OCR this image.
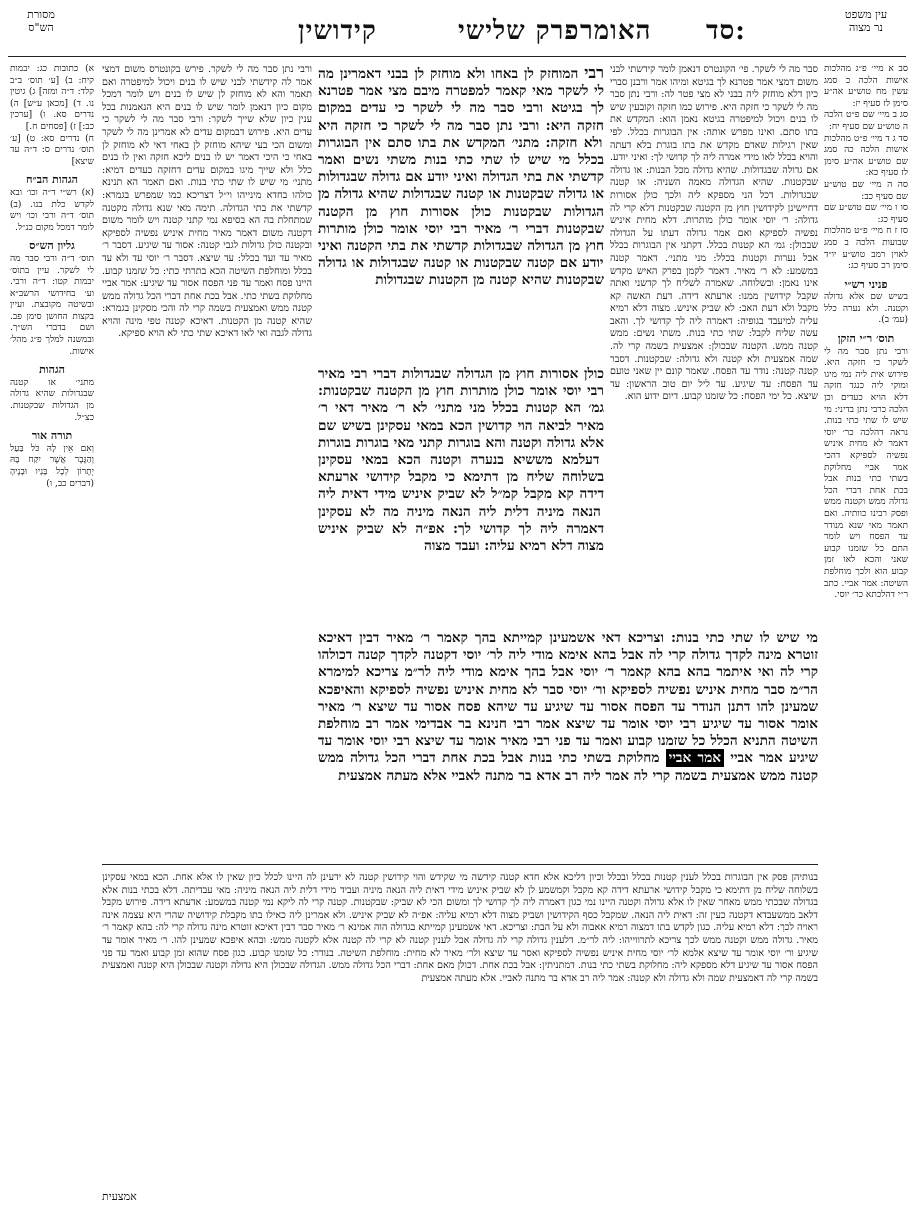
מסורת
הש"ס
עין משפט
נר מצוה
קידושין	פרק שלישי האומר סד:

א) כתובות כג: יבמות קיח: ב) [ע׳ תוס׳ ב״ב קלד: ד״ה ומזה] ג) גיטין נו. ד) [מכאן ע״ש] ה) נדרים סא. ו) [ערכין כב:] ז) [פסחים ח.]

ח) נדרים סא: ט) [ע׳ תוס׳ נדרים ס: ד״ה עד שיצא]

הגהות הב״ח

(א) רש״י ד״ה וכו׳ ובא לקדש כלת בנו. (ב) תוס׳ ד״ה ורבי וכו׳ ויש לומר דמכל מקום כנ״ל.

גליון הש״ס

תוס׳ ד״ה ורבי סבר מה לי לשקר. עיין בתוס׳ יבמות קטו: ד״ה ורבי. וע׳ בחידושי הרשב״א ובשיטה מקובצת. ועיין בקצות החושן סימן פב. ושם בדברי הש״ך. ובמשנה למלך פ״ג מהל׳ אישות.

הגהות

מתני׳ או קטנה שבגדולות שהיא גדולה מן הגדולות שבקטנות. כצ״ל.

תורה אור

וְאִם אֵין לָהּ כֹּל בַּעַל וְהַגֶּבֶר אֲשֶׁר יִקַּח בָּהּ יְתָרוֹן לְכָל בָּנָיו וּבָנֶיהָ (דברים כב, ו)

ורבי נתן סבר מה לי לשקר. פירש בקונטרס משום דמצי אמר לה קידשתי לבני שיש לו בנים ויכול למיפטרה ואם תאמר והא לא מוחזק לן שיש לו בנים ויש לומר דמכל מקום כיון דנאמן לומר שיש לו בנים היא הנאמנות בכל ענין כיון שלא שייך לשקר: ורבי סבר מה לי לשקר כי עדים היא. פירוש דבמקום עדים לא אמרינן מה לי לשקר ומשום הכי בעי שיהא מוחזק לן באחי דאי לא מוחזק לן באחי כי היכי דאמר יש לו בנים ליכא חזקה ואין לו בנים כלל ולא שייך מיגו במקום עדים דחזקה כעדים דמיא: מתני׳ מי שיש לו שתי כתי בנות. ואם תאמר הא תנינא כולהו בחדא מינייהו וי״ל דצריכא כמו שמפרש בגמרא: קדשתי את בתי הגדולה. תימה מאי שנא גדולה מקטנה שמתחלת בה הא בסיפא נמי קתני קטנה ויש לומר משום דקטנה משום דאמר מאיר מחית איניש נפשיה לספיקא ובקטנה כולן גדולות לגבי קטנה: אסור עד שיגיע. דסבר ר׳ מאיר עד ועד בכלל: עד שיצא. דסבר ר׳ יוסי עד ולא עד בכלל ומוחלפת השיטה הכא בתרתי כתי: כל שזמנו קבוע. היינו פסח ואמר עד פני הפסח אסור עד שיגיע: אמר אביי מחלוקת בשתי כתי. אבל בכת אחת דברי הכל גדולה ממש קטנה ממש ואמצעית בשמה קרי לה והכי מסקינן בגמרא: שהיא קטנה מן הקטנות. דאיכא קטנה טפי מינה והויא גדולה לגבה ואי לאו דאיכא שתי כתי לא הויא ספיקא.

רבי המוחזק לן באחו ולא מוחזק לן בבני דאמרינן מה לי לשקר מאי קאמר למפטרה מיבם מצי אמר פטרנא לך בגיטא ורבי סבר מה לי לשקר כי עדים במקום חזקה היא: ורבי נתן סבר מה לי לשקר כי חזקה היא ולא חזקה: מתני׳ המקדש את בתו סתם אין הבוגרות בכלל מי שיש לו שתי כתי בנות משתי נשים ואמר קדשתי את בתי הגדולה ואיני יודע אם גדולה שבגדולות או גדולה שבקטנות או קטנה שבגדולות שהיא גדולה מן הגדולות שבקטנות כולן אסורות חוץ מן הקטנה שבקטנות דברי ר׳ מאיר רבי יוסי אומר כולן מותרות חוץ מן הגדולה שבגדולות קדשתי את בתי הקטנה ואיני יודע אם קטנה שבקטנות או קטנה שבגדולות או גדולה שבקטנות שהיא קטנה מן הקטנות שבגדולות
כולן אסורות חוץ מן הגדולה שבגדולות דברי רבי מאיר רבי יוסי אומר כולן מותרות חוץ מן הקטנה שבקטנות: גמ׳ הא קטנות בכלל מני מתני׳ לא ר׳ מאיר דאי ר׳ מאיר לביאה הוי קדושין הכא במאי עסקינן בשיש שם אלא גדולה וקטנה והא בוגרות קתני מאי בוגרות בוגרות דעלמא מששיא בנערה וקטנה הכא במאי עסקינן בשלוחה שליח מן דתימא כי מקבל קידושי ארעתא דידה קא מקבל קמ״ל לא שביק איניש מידי דאית ליה הנאה מיניה דלית ליה הנאה מיניה מה לא עסקינן דאמרה ליה לך קדושי לך: אפ״ה לא שביק איניש מצוה דלא רמיא עליה: ועבד מצוה
מי שיש לו שתי כתי בנות: וצריכא דאי אשמעינן קמייתא בהך קאמר ר׳ מאיר דבין דאיכא זוטרא מינה לקדך גדולה קרי לה אבל בהא אימא מודי ליה לר׳ יוסי דקטנה לקדך קטנה דכולהו קרי לה ואי איתמר בהא בהא קאמר ר׳ יוסי אבל בהך אימא מודי ליה לר״מ צריכא למימרא הר״מ סבר מחית איניש נפשיה לספיקא ור׳ יוסי סבר לא מחית איניש נפשיה לספיקא והאיפכא שמעינן להו דתנן הנודר עד הפסח אסור עד שיגיע עד שיהא פסח אסור עד שיצא ר׳ מאיר אומר אסור עד שיגיע רבי יוסי אומר עד שיצא אמר רבי חנינא בר אבדימי אמר רב מוחלפת השיטה התניא הכלל כל שזמנו קבוע ואמר עד פני רבי מאיר אומר עד שיצא רבי יוסי אומר עד שיגיע אמר אביי אמר אביי מחלוקת בשתי כתי בנות אבל בכת אחת דברי הכל גדולה ממש קטנה ממש אמצעית בשמה קרי לה אמר ליה רב אדא בר מתנה לאביי אלא מעתה אמצעית

סבר מה לי לשקר. פי׳ הקונטרס דנאמן לומר קידשתי לבני משום דמצי אמר פטרנא לך בגיטא ומיהו אמר ורבנן סברי כיון דלא מוחזק ליה בבני לא מצי פטר לה: ורבי נתן סבר מה לי לשקר כי חזקה היא. פירוש כמו חזקה וקובעין שיש לו בנים ויכול למיפטרה בגיטא נאמן הוא: המקדש את בתו סתם. ואינו מפרש אותה: אין הבוגרות בכלל. לפי שאין רגילות שאדם מקדש את בתו בוגרת בלא דעתה והויא בכלל לאו מידי אמרה ליה לך קדושי לך: ואיני יודע. אם גדולה שבגדולות. שהיא גדולה מכל הבנות: או גדולה שבקטנות. שהיא הגדולה מאמה השניה: או קטנה שבגדולות. דכל הני מספקא ליה ולכך כולן אסורות דחיישינן לקידושין חוץ מן הקטנה שבקטנות דלא קרי לה גדולה: ר׳ יוסי אומר כולן מותרות. דלא מחית איניש נפשיה לספיקא ואם אמר גדולה דעתו על הגדולה שבכולן: גמ׳ הא קטנות בכלל. דקתני אין הבוגרות בכלל אבל נערות וקטנות בכלל: מני מתני׳. דאמר קטנה במשמע: לא ר׳ מאיר. דאמר לקמן בפרק האיש מקדש אינו נאמן: ובשלוחה. שאמרה לשליח לך קדשני ואתה שקבל קידושין ממנו: ארעתא דידה. דעת האשה קא מקבל ולא דעת האב: לא שביק איניש. מצוה דלא רמיא עליה למיעבד בגופיה: דאמרה ליה לך קדושי לך. והאב עשה שליח לקבל: שתי כתי בנות. משתי נשים: ממש קטנה ממש. הקטנה שבכולן: אמצעית בשמה קרי לה. שמה אמצעית ולא קטנה ולא גדולה: שבקטנות. דסבר קטנה קטנה: נודר עד הפסח. שאמר קונם יין שאני טועם עד הפסח: עד שיגיע. עד ליל יום טוב הראשון: עד שיצא. כל ימי הפסח: כל שזמנו קבוע. דיום ידוע הוא.

סב א מיי׳ פ״ג מהלכות אישות הלכה כ סמג עשין מח טוש״ע אה״ע סימן לז סעיף יז:

סג ב מיי׳ שם פ״ט הלכה ה טוש״ע שם סעיף יח:

סד ג ד מיי׳ פ״ט מהלכות אישות הלכה כה סמג שם טוש״ע אה״ע סימן לז סעיף כא:

סה ה מיי׳ שם טוש״ע שם סעיף כב:

סו ו מיי׳ שם טוש״ע שם סעיף כג:

סז ז ח מיי׳ פ״ט מהלכות שבועות הלכה ב סמג לאוין רמב טוש״ע יו״ד סימן רכ סעיף כג:

פניני רש״י

בשיש שם אלא גדולה וקטנה. ולא נערה כלל (עמ׳ ב).

תוס׳ ר״י הזקן

ורבי נתן סבר מה לי לשקר כי חזקה היא. פירוש אית ליה נמי מיגו ומוקי ליה כנגד חזקה דלא הויא כעדים וכן הלכה כרבי נתן בדיני: מי שיש לו שתי כתי בנות. נראה דהלכה כר׳ יוסי דאמר לא מחית איניש נפשיה לספיקא דהכי אמר אביי מחלוקת בשתי כתי בנות אבל בכת אחת דברי הכל גדולה ממש וקטנה ממש ופסק רבינו כוותיה. ואם תאמר מאי שנא מנודר עד הפסח ויש לומר התם כל שזמנו קבוע שאני והכא לאו זמן קבוע הוא ולכך מוחלפת השיטה: אמר אביי. כתב ר״י דהלכתא כר׳ יוסי.

בנותיהן פסק אין הבוגרות בכלל לענין קטנות בכלל ובכלל וכיון דליכא אלא חדא קטנה קידשה מי שקידש והוי קידושין קטנה לא ידעינן לה היינו לכלל כיון שאין לו אלא אחת. הכא במאי עסקינן בשלוחה שליח מן דתימא כי מקבל קידושי ארעתא דידה קא מקבל וקמשמע לן לא שביק איניש מידי דאית ליה הנאה מיניה ועביד מידי דלית ליה הנאה מיניה: מאי עבדיתה. דלא בכתי בנות אלא בגדולה שבכתי ממש מאחר שאין לו אלא גדולה וקטנה היינו נמי כגון דאמרה ליה לך קדושי לך ומשום הכי לא שביק: שבקטנות. קטנה קרי לה ליקא נמי קטנה במשמע: אדעתא דידה. פירוש מקבל דלאב ממשעבדא דקטנה כעין זה: דאית ליה הנאה. שמקבל כסף הקידושין ושביק מצוה דלא רמיא עליה: אפ״ה לא שביק איניש. ולא אמרינן ליה כאילו בתו מקבלת קידושיה שהרי היא עצמה אינה ראויה לכך: דלא רמיא עליה. כגון לקדש בתו דמצוה רמיא אאבוה ולא על הבת: וצריכא. דאי אשמעינן קמייתא בגדולה הוה אמינא ר׳ מאיר סבר דבין דאיכא זוטרא מינה גדולה קרי לה: בהא קאמר ר׳ מאיר. גדולה ממש וקטנה ממש לכך צריכא לתרווייהו: ליה לר״מ. דלענין גדולה קרי לה גדולה אבל לענין קטנה לא קרי לה קטנה אלא לקטנה ממש: ובהא איפכא שמעינן להו. ר׳ מאיר אומר עד שיגיע ור׳ יוסי אומר עד שיצא אלמא לר׳ יוסי מחית איניש נפשיה לספיקא ואסר עד שיצא ולר׳ מאיר לא מחית: מוחלפת השיטה. בנודר: כל שזמנו קבוע. כגון פסח שהוא זמן קבוע ואמר עד פני הפסח אסור עד שיגיע דלא מספקא ליה: מחלוקת בשתי כתי בנות. דמתניתין: אבל בכת אחת. דכולן מאם אחת: דברי הכל גדולה ממש. הגדולה שבכולן היא גדולה וקטנה שבכולן היא קטנה ואמצעית בשמה קרי לה דאמצעית שמה ולא גדולה ולא קטנה: אמר ליה רב אדא בר מתנה לאביי. אלא מעתה אמצעית

אמצעית
